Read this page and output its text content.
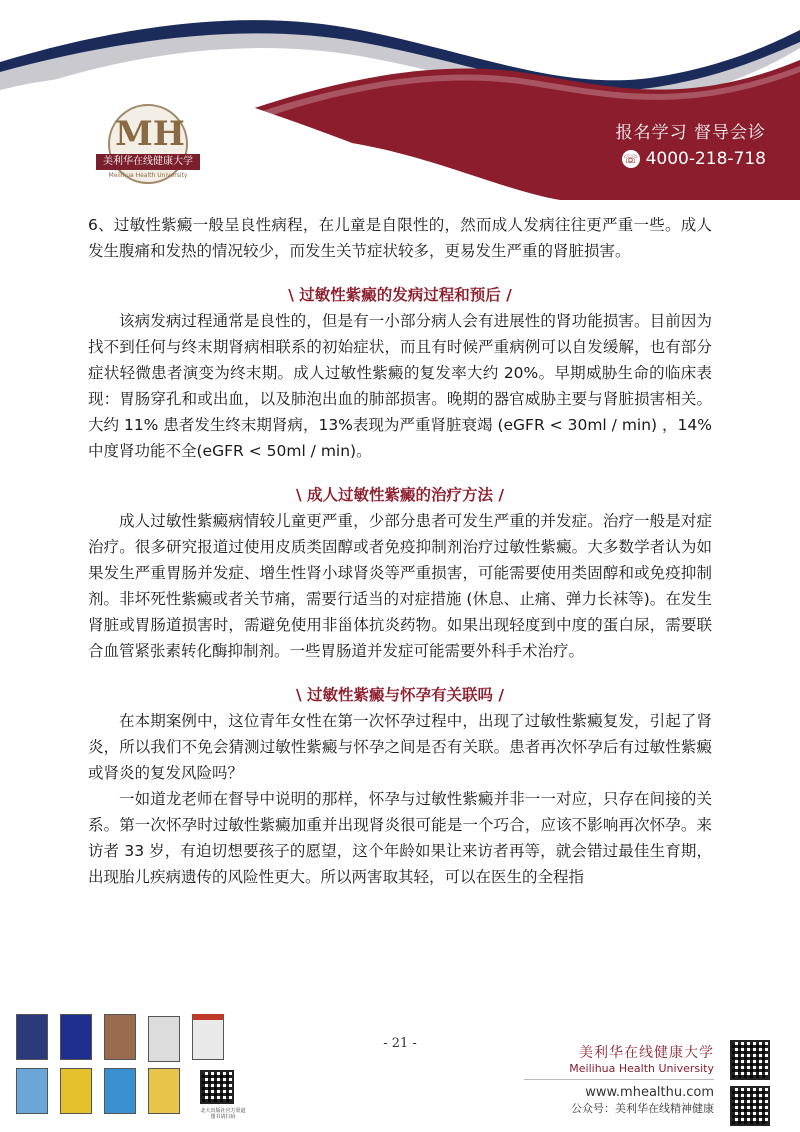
MH
美利华在线健康大学
Meilihua Health University
报名学习 督导会诊
☏ 4000-218-718

6、过敏性紫癜一般呈良性病程，在儿童是自限性的，然而成人发病往往更严重一些。成人发生腹痛和发热的情况较少，而发生关节症状较多，更易发生严重的肾脏损害。

\ 过敏性紫癜的发病过程和预后 /

该病发病过程通常是良性的，但是有一小部分病人会有进展性的肾功能损害。目前因为找不到任何与终末期肾病相联系的初始症状，而且有时候严重病例可以自发缓解，也有部分症状轻微患者演变为终末期。成人过敏性紫癜的复发率大约 20%。早期威胁生命的临床表现：胃肠穿孔和或出血，以及肺泡出血的肺部损害。晚期的器官威胁主要与肾脏损害相关。大约 11% 患者发生终末期肾病，13%表现为严重肾脏衰竭 (eGFR < 30ml / min) ，14%中度肾功能不全(eGFR < 50ml / min)。

\ 成人过敏性紫癜的治疗方法 /

成人过敏性紫癜病情较儿童更严重，少部分患者可发生严重的并发症。治疗一般是对症治疗。很多研究报道过使用皮质类固醇或者免疫抑制剂治疗过敏性紫癜。大多数学者认为如果发生严重胃肠并发症、增生性肾小球肾炎等严重损害，可能需要使用类固醇和或免疫抑制剂。非坏死性紫癜或者关节痛，需要行适当的对症措施 (休息、止痛、弹力长袜等)。在发生肾脏或胃肠道损害时，需避免使用非甾体抗炎药物。如果出现轻度到中度的蛋白尿，需要联合血管紧张素转化酶抑制剂。一些胃肠道并发症可能需要外科手术治疗。

\ 过敏性紫癜与怀孕有关联吗 /

在本期案例中，这位青年女性在第一次怀孕过程中，出现了过敏性紫癜复发，引起了肾炎，所以我们不免会猜测过敏性紫癜与怀孕之间是否有关联。患者再次怀孕后有过敏性紫癜或肾炎的复发风险吗？

一如道龙老师在督导中说明的那样，怀孕与过敏性紫癜并非一一对应，只存在间接的关系。第一次怀孕时过敏性紫癜加重并出现肾炎很可能是一个巧合，应该不影响再次怀孕。来访者 33 岁，有迫切想要孩子的愿望，这个年龄如果让来访者再等，就会错过最佳生育期，出现胎儿疾病遗传的风险性更大。所以两害取其轻，可以在医生的全程指

北大出版社官方渠道 图书请扫码
- 21 -
美利华在线健康大学
Meilihua Health University
www.mhealthu.com
公众号：美利华在线精神健康
